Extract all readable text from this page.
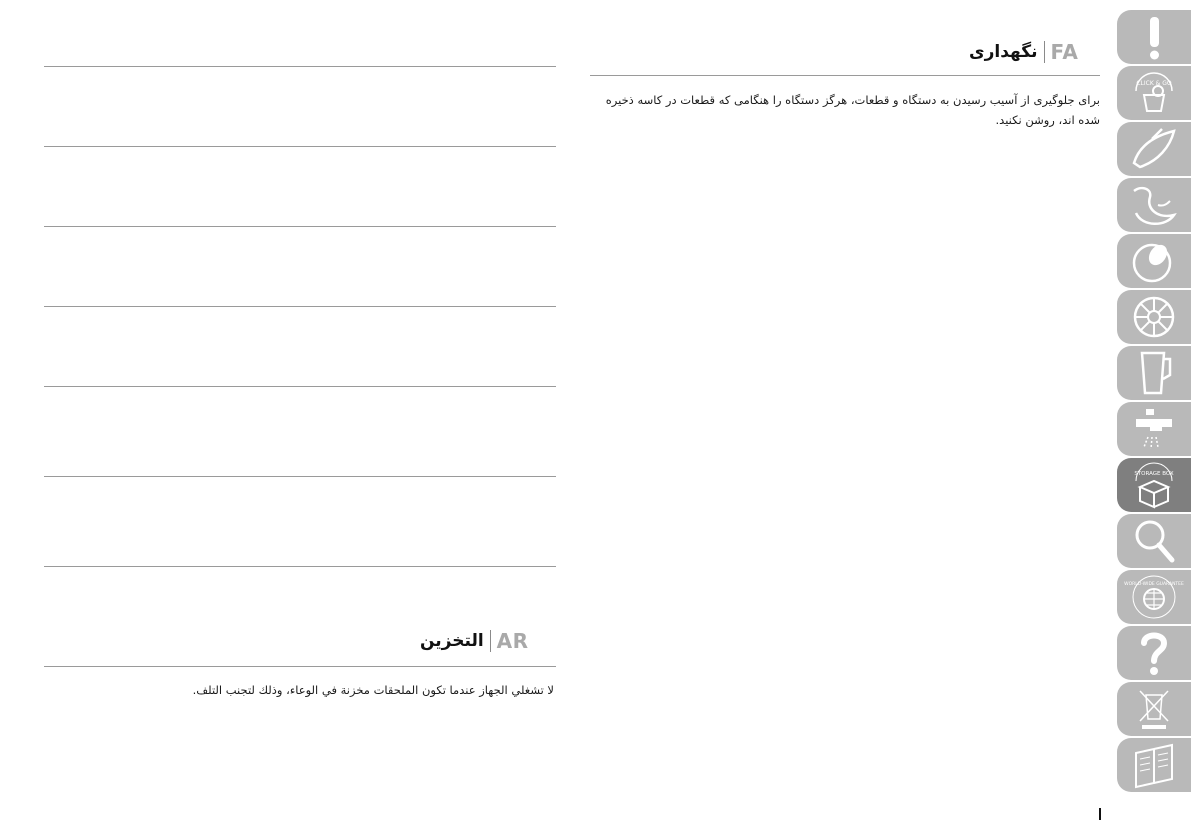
التخزين AR
لا تشغلي الجهاز عندما تكون الملحقات مخزنة في الوعاء، وذلك لتجنب التلف.
نگهداری FA
برای جلوگیری از آسیب رسیدن به دستگاه و قطعات، هرگز دستگاه را هنگامی که قطعات در کاسه ذخیره شده اند، روشن نکنید.
CLICK & GO
STORAGE BOX
WORLD-WIDE GUARANTEE
